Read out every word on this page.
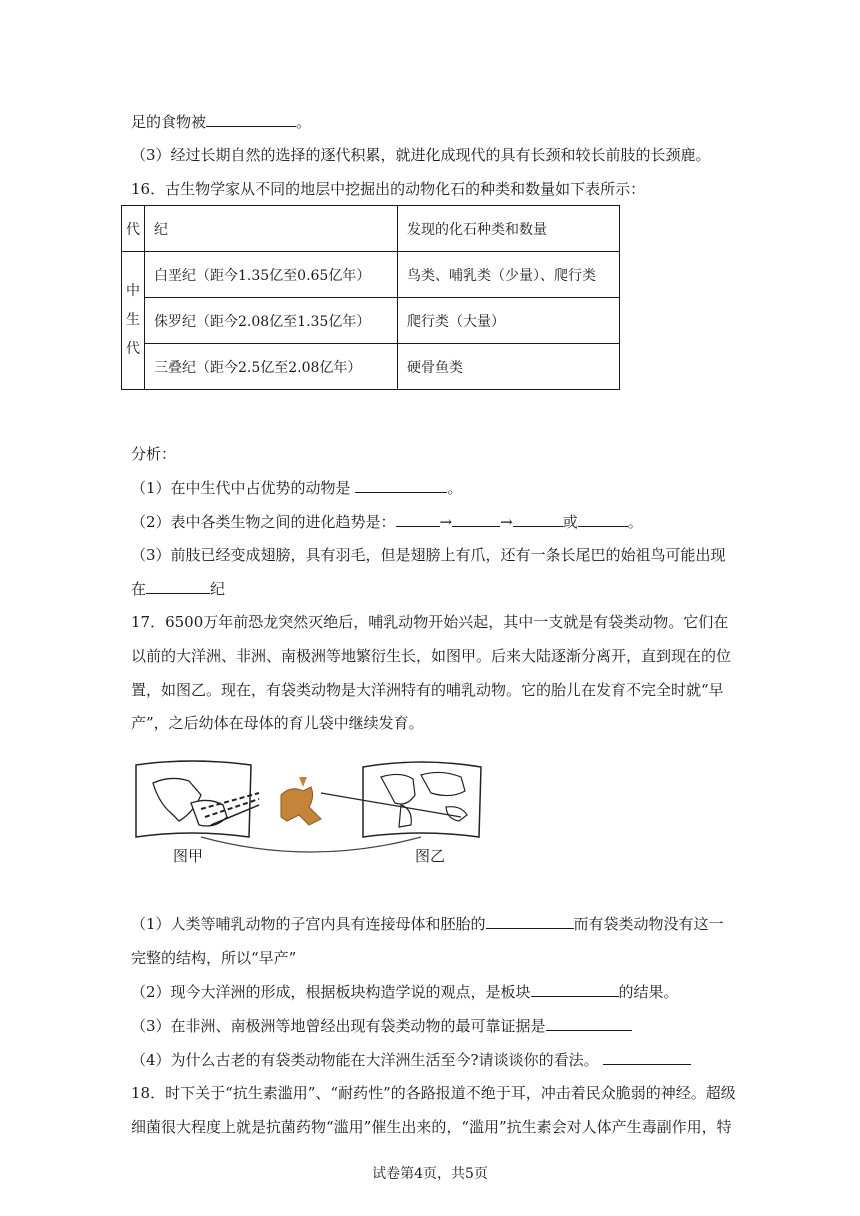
足的食物被	。
（3）经过长期自然的选择的逐代积累，就进化成现代的具有长颈和较长前肢的长颈鹿。
16．古生物学家从不同的地层中挖掘出的动物化石的种类和数量如下表所示：
代	纪	发现的化石种类和数量
中
生
代	白垩纪（距今1.35亿至0.65亿年）	鸟类、哺乳类（少量）、爬行类
	侏罗纪（距今2.08亿至1.35亿年）	爬行类（大量）
	三叠纪（距今2.5亿至2.08亿年）	硬骨鱼类
分析：
（1）在中生代中占优势的动物是	。
（2）表中各类生物之间的进化趋势是：	→	→	或	。
（3）前肢已经变成翅膀，具有羽毛，但是翅膀上有爪，还有一条长尾巴的始祖鸟可能出现
在	纪
17．6500万年前恐龙突然灭绝后，哺乳动物开始兴起，其中一支就是有袋类动物。它们在
以前的大洋洲、非洲、南极洲等地繁衍生长，如图甲。后来大陆逐渐分离开，直到现在的位
置，如图乙。现在，有袋类动物是大洋洲特有的哺乳动物。它的胎儿在发育不完全时就“早
产”，之后幼体在母体的育儿袋中继续发育。
图甲	图乙
（1）人类等哺乳动物的子宫内具有连接母体和胚胎的	而有袋类动物没有这一
完整的结构，所以“早产”
（2）现今大洋洲的形成，根据板块构造学说的观点，是板块	的结果。
（3）在非洲、南极洲等地曾经出现有袋类动物的最可靠证据是
（4）为什么古老的有袋类动物能在大洋洲生活至今?请谈谈你的看法。
18．时下关于“抗生素滥用”、“耐药性”的各路报道不绝于耳，冲击着民众脆弱的神经。超级
细菌很大程度上就是抗菌药物“滥用”催生出来的，“滥用”抗生素会对人体产生毒副作用，特
试卷第4页，共5页
